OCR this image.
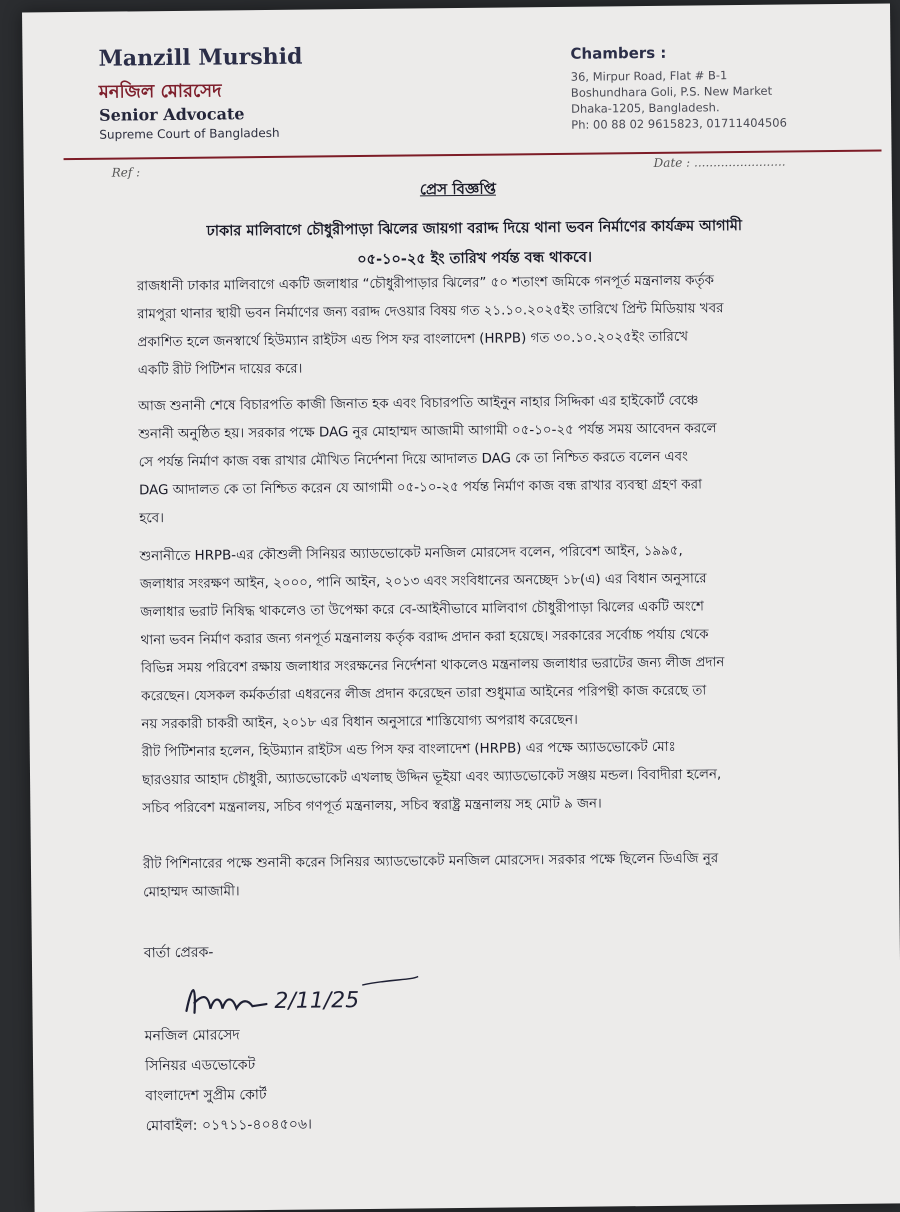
Manzill Murshid
মনজিল মোরসেদ
Senior Advocate
Supreme Court of Bangladesh
Chambers :
36, Mirpur Road, Flat # B-1
Boshundhara Goli, P.S. New Market
Dhaka-1205, Bangladesh.
Ph: 00 88 02 9615823, 01711404506
Ref :
Date : ........................
প্রেস বিজ্ঞপ্তি
ঢাকার মালিবাগে চৌধুরীপাড়া ঝিলের জায়গা বরাদ্দ দিয়ে থানা ভবন নির্মাণের কার্যক্রম আগামী
০৫-১০-২৫ ইং তারিখ পর্যন্ত বন্ধ থাকবে।
রাজধানী ঢাকার মালিবাগে একটি জলাধার “চৌধুরীপাড়ার ঝিলের” ৫০ শতাংশ জমিকে গনপূর্ত মন্ত্রনালয় কর্তৃক
রামপুরা থানার স্থায়ী ভবন নির্মাণের জন্য বরাদ্দ দেওয়ার বিষয় গত ২১.১০.২০২৫ইং তারিখে প্রিন্ট মিডিয়ায় খবর
প্রকাশিত হলে জনস্বার্থে হিউম্যান রাইটস এন্ড পিস ফর বাংলাদেশ (HRPB) গত ৩০.১০.২০২৫ইং তারিখে
একটি রীট পিটিশন দায়ের করে।
আজ শুনানী শেষে বিচারপতি কাজী জিনাত হক এবং বিচারপতি আইনুন নাহার সিদ্দিকা এর হাইকোর্ট বেঞ্চে
শুনানী অনুষ্ঠিত হয়। সরকার পক্ষে DAG নুর মোহাম্মদ আজামী আগামী ০৫-১০-২৫ পর্যন্ত সময় আবেদন করলে
সে পর্যন্ত নির্মাণ কাজ বন্ধ রাখার মৌখিত নির্দেশনা দিয়ে আদালত DAG কে তা নিশ্চিত করতে বলেন এবং
DAG আদালত কে তা নিশ্চিত করেন যে আগামী ০৫-১০-২৫ পর্যন্ত নির্মাণ কাজ বন্ধ রাখার ব্যবস্থা গ্রহণ করা
হবে।
শুনানীতে HRPB-এর কৌশুলী সিনিয়র অ্যাডভোকেট মনজিল মোরসেদ বলেন, পরিবেশ আইন, ১৯৯৫,
জলাধার সংরক্ষণ আইন, ২০০০, পানি আইন, ২০১৩ এবং সংবিধানের অনচ্ছেদ ১৮(এ) এর বিধান অনুসারে
জলাধার ভরাট নিষিদ্ধ থাকলেও তা উপেক্ষা করে বে-আইনীভাবে মালিবাগ চৌধুরীপাড়া ঝিলের একটি অংশে
থানা ভবন নির্মাণ করার জন্য গনপূর্ত মন্ত্রনালয় কর্তৃক বরাদ্দ প্রদান করা হয়েছে। সরকারের সর্বোচ্চ পর্যায় থেকে
বিভিন্ন সময় পরিবেশ রক্ষায় জলাধার সংরক্ষনের নির্দেশনা থাকলেও মন্ত্রনালয় জলাধার ভরাটের জন্য লীজ প্রদান
করেছেন। যেসকল কর্মকর্তারা এধরনের লীজ প্রদান করেছেন তারা শুধুমাত্র আইনের পরিপন্থী কাজ করেছে তা
নয় সরকারী চাকরী আইন, ২০১৮ এর বিধান অনুসারে শাস্তিযোগ্য অপরাধ করেছেন।
রীট পিটিশনার হলেন, হিউম্যান রাইটস এন্ড পিস ফর বাংলাদেশ (HRPB) এর পক্ষে অ্যাডভোকেট মোঃ
ছারওয়ার আহাদ চৌধুরী, অ্যাডভোকেট এখলাছ উদ্দিন ভূইয়া এবং অ্যাডভোকেট সঞ্জয় মন্ডল। বিবাদীরা হলেন,
সচিব পরিবেশ মন্ত্রনালয়, সচিব গণপূর্ত মন্ত্রনালয়, সচিব স্বরাষ্ট্র মন্ত্রনালয় সহ মোট ৯ জন।
রীট পিশিনারের পক্ষে শুনানী করেন সিনিয়র অ্যাডভোকেট মনজিল মোরসেদ। সরকার পক্ষে ছিলেন ডিএজি নুর
মোহাম্মদ আজামী।
বার্তা প্রেরক-
2/11/25
মনজিল মোরসেদ
সিনিয়র এডভোকেট
বাংলাদেশ সুপ্রীম কোর্ট
মোবাইল: ০১৭১১-৪০৪৫০৬।
